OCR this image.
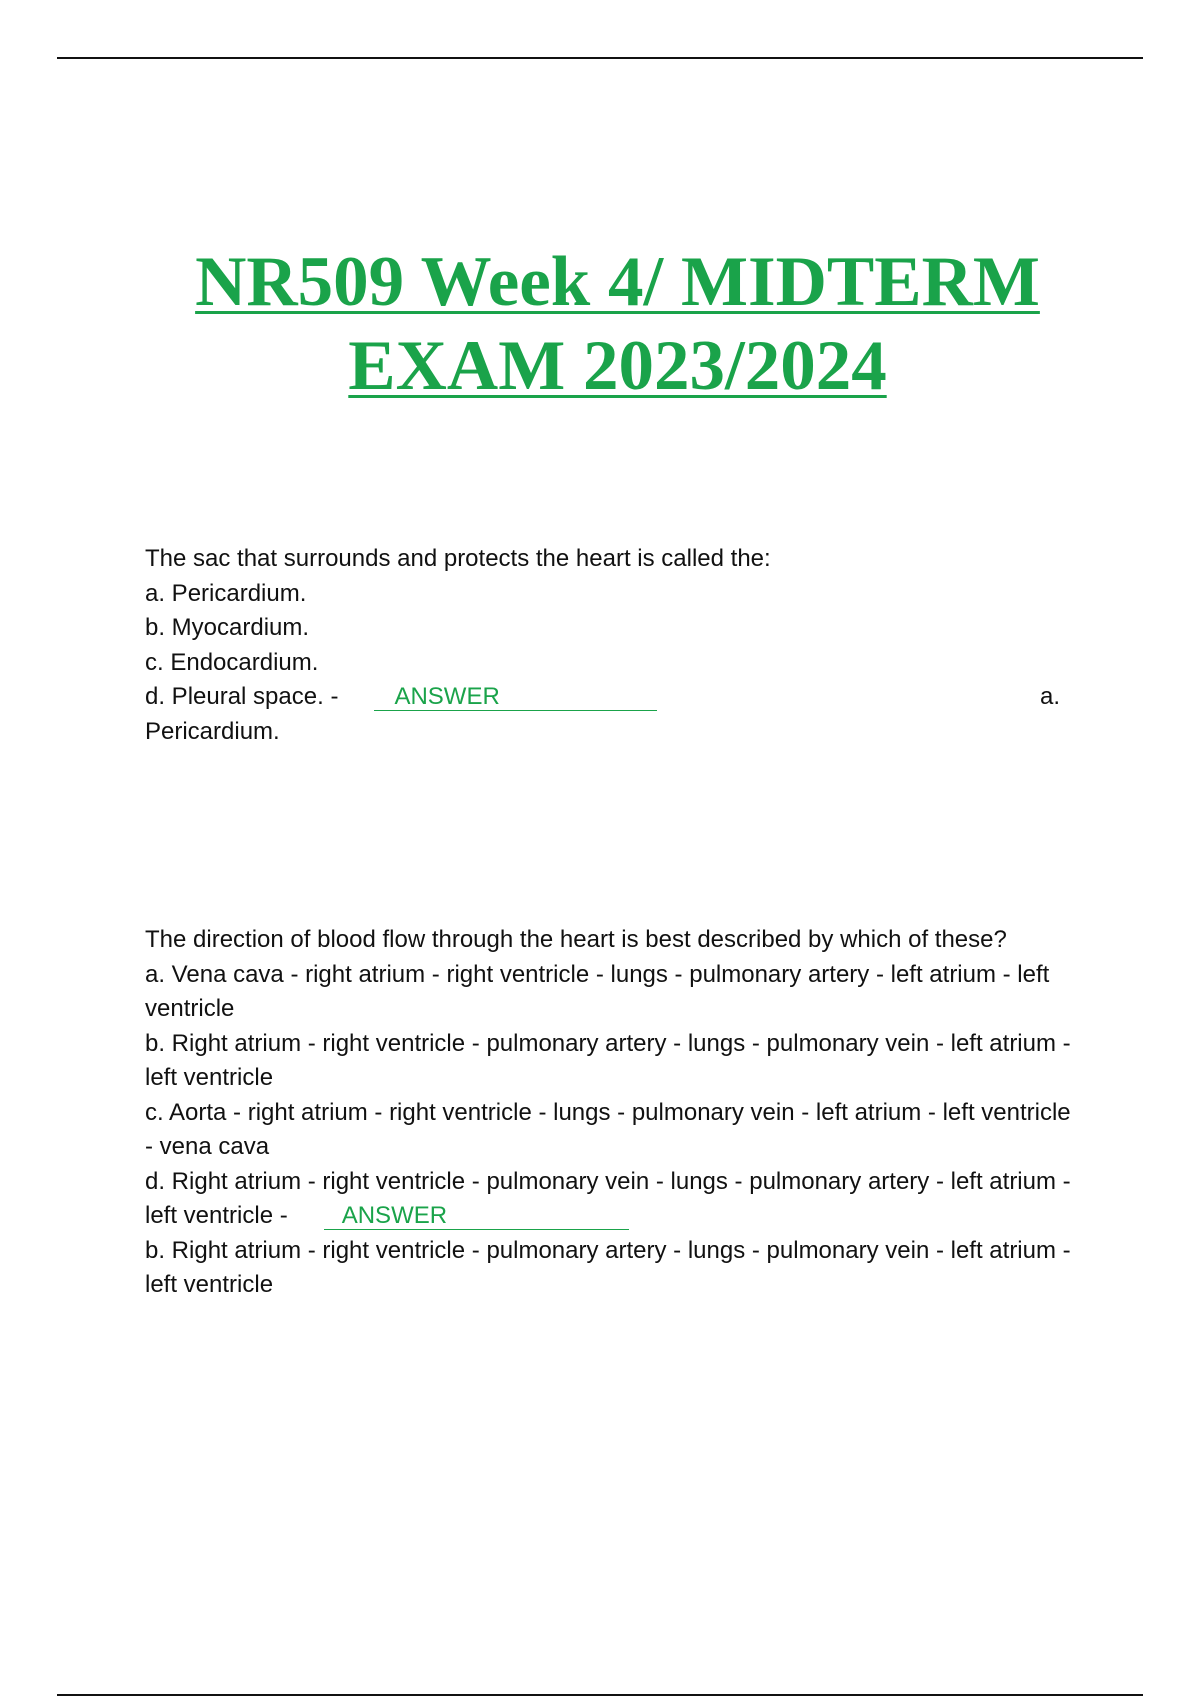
NR509 Week 4/ MIDTERM
EXAM 2023/2024
The sac that surrounds and protects the heart is called the:
a. Pericardium.
b. Myocardium.
c. Endocardium.
d. Pleural space. - ANSWER	a.
Pericardium.
The direction of blood flow through the heart is best described by which of these?
a. Vena cava - right atrium - right ventricle - lungs - pulmonary artery - left atrium - left ventricle
b. Right atrium - right ventricle - pulmonary artery - lungs - pulmonary vein - left atrium - left ventricle
c. Aorta - right atrium - right ventricle - lungs - pulmonary vein - left atrium - left ventricle - vena cava
d. Right atrium - right ventricle - pulmonary vein - lungs - pulmonary artery - left atrium - left ventricle - ANSWER
b. Right atrium - right ventricle - pulmonary artery - lungs - pulmonary vein - left atrium - left ventricle
